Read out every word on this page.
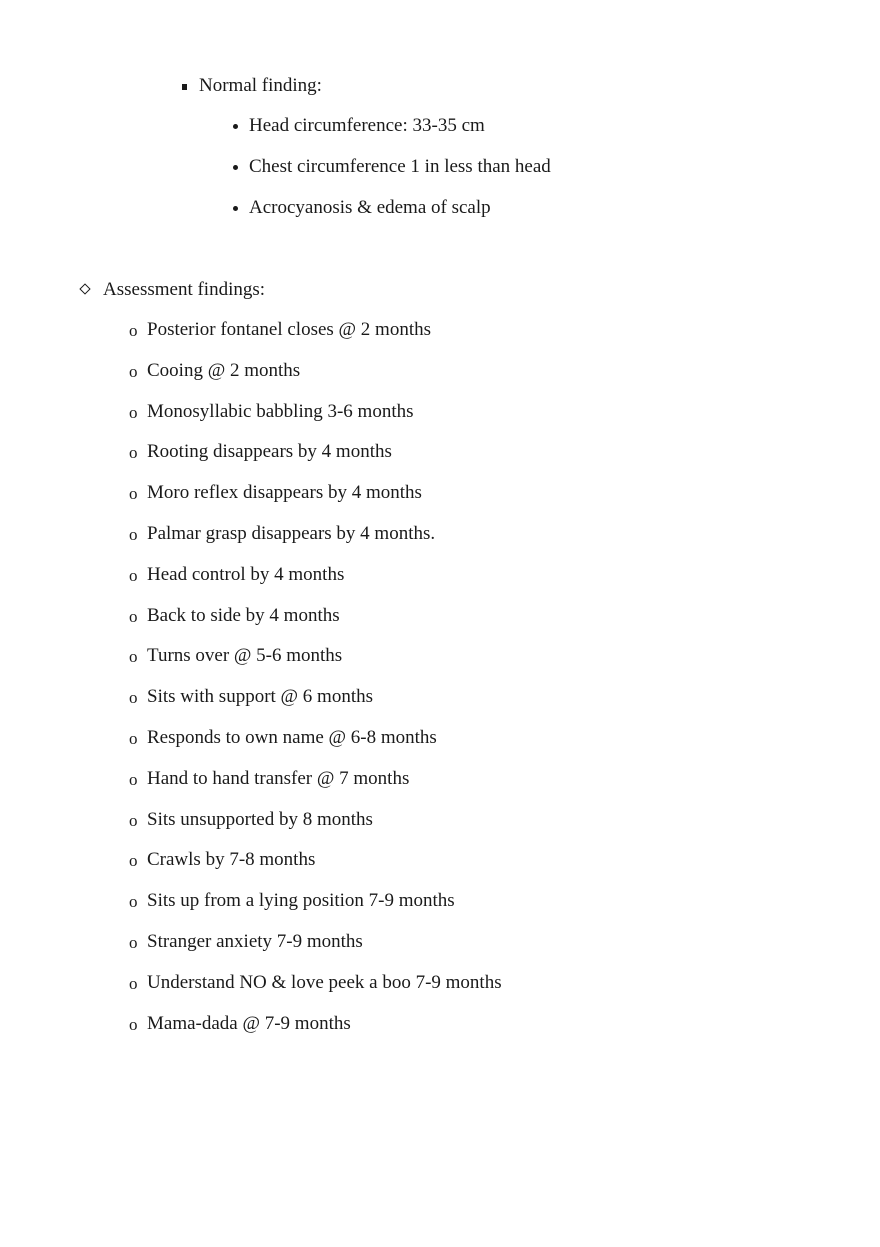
Normal finding:
Head circumference: 33-35 cm
Chest circumference 1 in less than head
Acrocyanosis & edema of scalp
Assessment findings:
o Posterior fontanel closes @ 2 months
o Cooing @ 2 months
o Monosyllabic babbling 3-6 months
o Rooting disappears by 4 months
o Moro reflex disappears by 4 months
o Palmar grasp disappears by 4 months.
o Head control by 4 months
o Back to side by 4 months
o Turns over @ 5-6 months
o Sits with support @ 6 months
o Responds to own name @ 6-8 months
o Hand to hand transfer @ 7 months
o Sits unsupported by 8 months
o Crawls by 7-8 months
o Sits up from a lying position 7-9 months
o Stranger anxiety 7-9 months
o Understand NO & love peek a boo 7-9 months
o Mama-dada @ 7-9 months
